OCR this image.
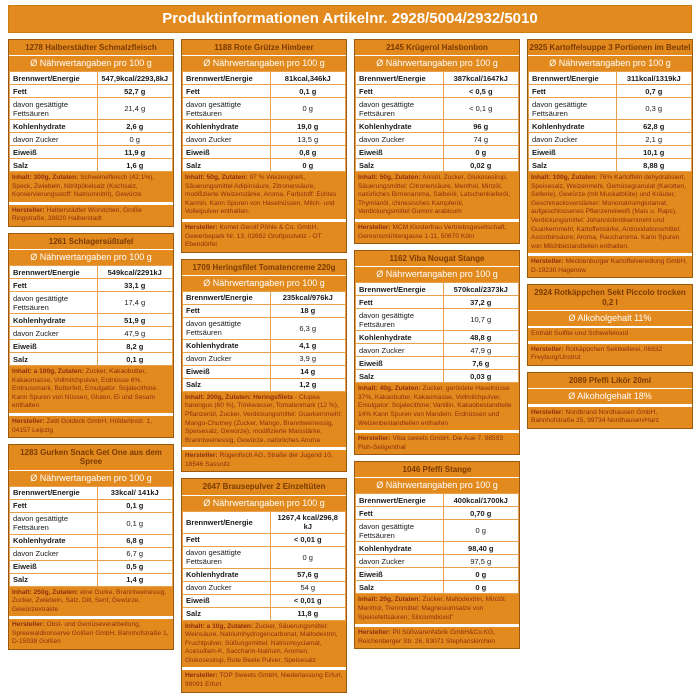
Produktinformationen Artikelnr. 2928/5004/2932/5010
1278 Halberstädter Schmalzfleisch
Ø Nährwertangaben pro 100 g
Brennwert/Energie	547,9kcal/2293,8kJ
Fett	52,7 g
davon gesättigte Fettsäuren	21,4 g
Kohlenhydrate	2,6 g
davon Zucker	0 g
Eiweiß	11,9 g
Salz	1,6 g
Inhalt: 300g, Zutaten: Schweinefleisch (42,1%), Speck, Zwiebeln, Nitritpökelsalz (Kochsalz, Konservierungsstoff: Natriumnitrit), Gewürze
Hersteller: Halberstädter Würstchen, Große Ringstraße, 38820 Halberstadt
1261 Schlagersüßtafel
Ø Nährwertangaben pro 100 g
Brennwert/Energie	549kcal/2291kJ
Fett	33,1 g
davon gesättigte Fettsäuren	17,4 g
Kohlenhydrate	51,9 g
davon Zucker	47,9 g
Eiweiß	8,2 g
Salz	0,1 g
Inhalt: a 100g, Zutaten: Zucker, Kakaobutter, Kakaomasse, Vollmilchpulver, Erdnüsse 6%, Erdnussmark, Butterfett, Emulgator: Sojalecithine. Kann Spuren von Nüssen, Gluten, Ei und Sesam enthalten.
Hersteller: Zetti Goldeck GmbH, Hölderlinstr. 1, 04157 Leipzig
1283 Gurken Snack Get One aus dem Spree
Ø Nährwertangaben pro 100 g
Brennwert/Energie	33kcal/ 141kJ
Fett	0,1 g
davon gesättigte Fettsäuren	0,1 g
Kohlenhydrate	6,8 g
davon Zucker	6,7 g
Eiweiß	0,5 g
Salz	1,4 g
Inhalt: 250g, Zutaten: eine Gurke, Branntweinessig, Zucker, Zwiebeln, Salz, Dill, Senf, Gewürze, Gewürzextrakte
Hersteller: Obst- und Gemüseverarbeitung, Spreewaldkonserve Golßen GmbH, Bahnhofstraße 1, D-15938 Golßen
1188 Rote Grütze Himbeer
Ø Nährwertangaben pro 100 g
Brennwert/Energie	81kcal,346kJ
Fett	0,1 g
davon gesättigte Fettsäuren	0 g
Kohlenhydrate	19,0 g
davon Zucker	13,5 g
Eiweiß	0,8 g
Salz	0 g
Inhalt: 50g, Zutaten: 97 % Weizengrieß, Säuerungsmittel Adipinsäure, Zitronensäure, modifizierte Weizenstärke, Aroma, Farbstoff: Echtes Karmin. Kann Spuren von Haselnüssen, Milch- und Volleipulver enthalten.
Hersteller: Komet Gerolf Pöhle & Co. GmbH, Gewerbepark Nr. 13, 02692 Großpostwitz - OT Ebendörfel
1709 Heringsfilet Tomatencreme 220g
Ø Nährwertangaben pro 100 g
Brennwert/Energie	235kcal/976kJ
Fett	18 g
davon gesättigte Fettsäuren	6,3 g
Kohlenhydrate	4,1 g
davon Zucker	3,9 g
Eiweiß	14 g
Salz	1,2 g
Inhalt: 200g, Zutaten: Heringsfilets - Clupea harengus (60 %), Trinkwasser, Tomatenmark (12 %), Pflanzenöl, Zucker, Verdickungsmittel: Guarkernmehl; Mango-Chutney (Zucker, Mango, Branntweinessig, Speisesalz, Gewürze); modifizierte Maisstärke, Branntweinessig, Gewürze, natürliches Aroma
Hersteller: Rügenfisch AG, Straße der Jugend 10, 18546 Sassnitz
2647 Brausepulver 2 Einzeltüten
Ø Nährwertangaben pro 100 g
Brennwert/Energie	1267,4 kcal/296,8 kJ
Fett	< 0,01 g
davon gesättigte Fettsäuren	0 g
Kohlenhydrate	57,6 g
davon Zucker	54 g
Eiweiß	< 0,01 g
Salz	11,8 g
Inhalt: a 10g, Zutaten: Zucker, Säuerungsmittel: Weinsäure, Natriumhydrogencarbonat, Maltodextrin, Fruchtpulver, Süßungsmittel: Natriumcyclamat, Acesulfam-K, Saccharin-Natrium, Aromen, Glukosesirup, Rote Beete Pulver, Speisesalz
Hersteller: TOP Sweets GmbH, Niederlassung Erfurt, 99091 Erfurt
2145 Krügerol Halsbonbon
Ø Nährwertangaben pro 100 g
Brennwert/Energie	387kcal/1647kJ
Fett	< 0,5 g
davon gesättigte Fettsäuren	< 0,1 g
Kohlenhydrate	96 g
davon Zucker	74 g
Eiweiß	0 g
Salz	0,02 g
Inhalt: 50g, Zutaten: Anisöl, Zucker, Glukosesirup, Säuerungsmittel: Citronensäure, Menthol, Minzöl, natürliches Birnenaroma, Salbeiöl, Latschenkieferöl, Thymianöl, chinesisches Kampferöl, Verdickungsmittel Gummi arabicum
Hersteller: MCM Klosterfrau Vertriebsgesellschaft, Gereonsmühlengasse 1-11, 50670 Köln
1162 Viba Nougat Stange
Ø Nährwertangaben pro 100 g
Brennwert/Energie	570kcal/2373kJ
Fett	37,2 g
davon gesättigte Fettsäuren	10,7 g
Kohlenhydrate	48,8 g
davon Zucker	47,9 g
Eiweiß	7,6 g
Salz	0,03 g
Inhalt: 40g, Zutaten: Zucker, geröstete Haselnüsse 37%, Kakaobutter, Kakaomasse, Vollmilchpulver, Emulgator: Sojalecithine; Vanillin, Kakaobestandteile 14% Kann Spuren von Mandeln, Erdnüssen und Weizenbestandteilen enthalten
Hersteller: Viba sweets GmbH, Die Aue 7, 98593 Floh-Seligenthal
1046 Pfeffi Stange
Ø Nährwertangaben pro 100 g
Brennwert/Energie	400kcal/1700kJ
Fett	0,70 g
davon gesättigte Fettsäuren	0 g
Kohlenhydrate	98,40 g
davon Zucker	97,5 g
Eiweiß	0 g
Salz	0 g
Inhalt: 20g, Zutaten: Zucker, Maltodextrin, Minzöl, Menthol, Trennmittel: Magnesiumsalze von Speisefettsäuren; Siliciumdioxid"
Hersteller: Pit Süßwarenfabrik GmbH&Co.KG, Reichenberger Str. 26, 83071 Stephanskirchen
2925 Kartoffelsuppe 3 Portionen im Beutel
Ø Nährwertangaben pro 100 g
Brennwert/Energie	311kcal/1319kJ
Fett	0,7 g
davon gesättigte Fettsäuren	0,3 g
Kohlenhydrate	62,8 g
davon Zucker	2,1 g
Eiweiß	10,1 g
Salz	8,88 g
Inhalt: 100g, Zutaten: 76% Kartoffeln dehydratisiert, Speisesalz, Weizenmehl, Gemüsegranulat (Karotten, Sellerie), Gewürze (mit Muskatblüte) und Kräuter, Geschmacksverstärker: Mononatriumglutamat; aufgeschlossenes Pflanzeneiweiß (Mais u. Raps), Verdickungsmittel: Johannisbrotkernmehl und Guarkernmehl; Kartoffelstärke, Antioxidationsmittel: Ascorbinsäure; Aroma, Raucharoma. Kann Spuren von Milchbestandteilen enthalten.
Hersteller: Mecklenburger Kartoffelveredlung GmbH, D-19230 Hagenow
2924 Rotkäppchen Sekt Piccolo trocken 0,2 l
Ø Alkoholgehalt 11%
Enthält Sulfite und Schwefeloxid
Hersteller: Rotkäppchen Sektkellerei, 06632 Freyburg/Unstrut
2089 Pfeffi Likör 20ml
Ø Alkoholgehalt 18%
Hersteller: Nordbrand Nordhausen GmbH, Bahnhofstraße 25, 99734 Nordhausen/Harz
